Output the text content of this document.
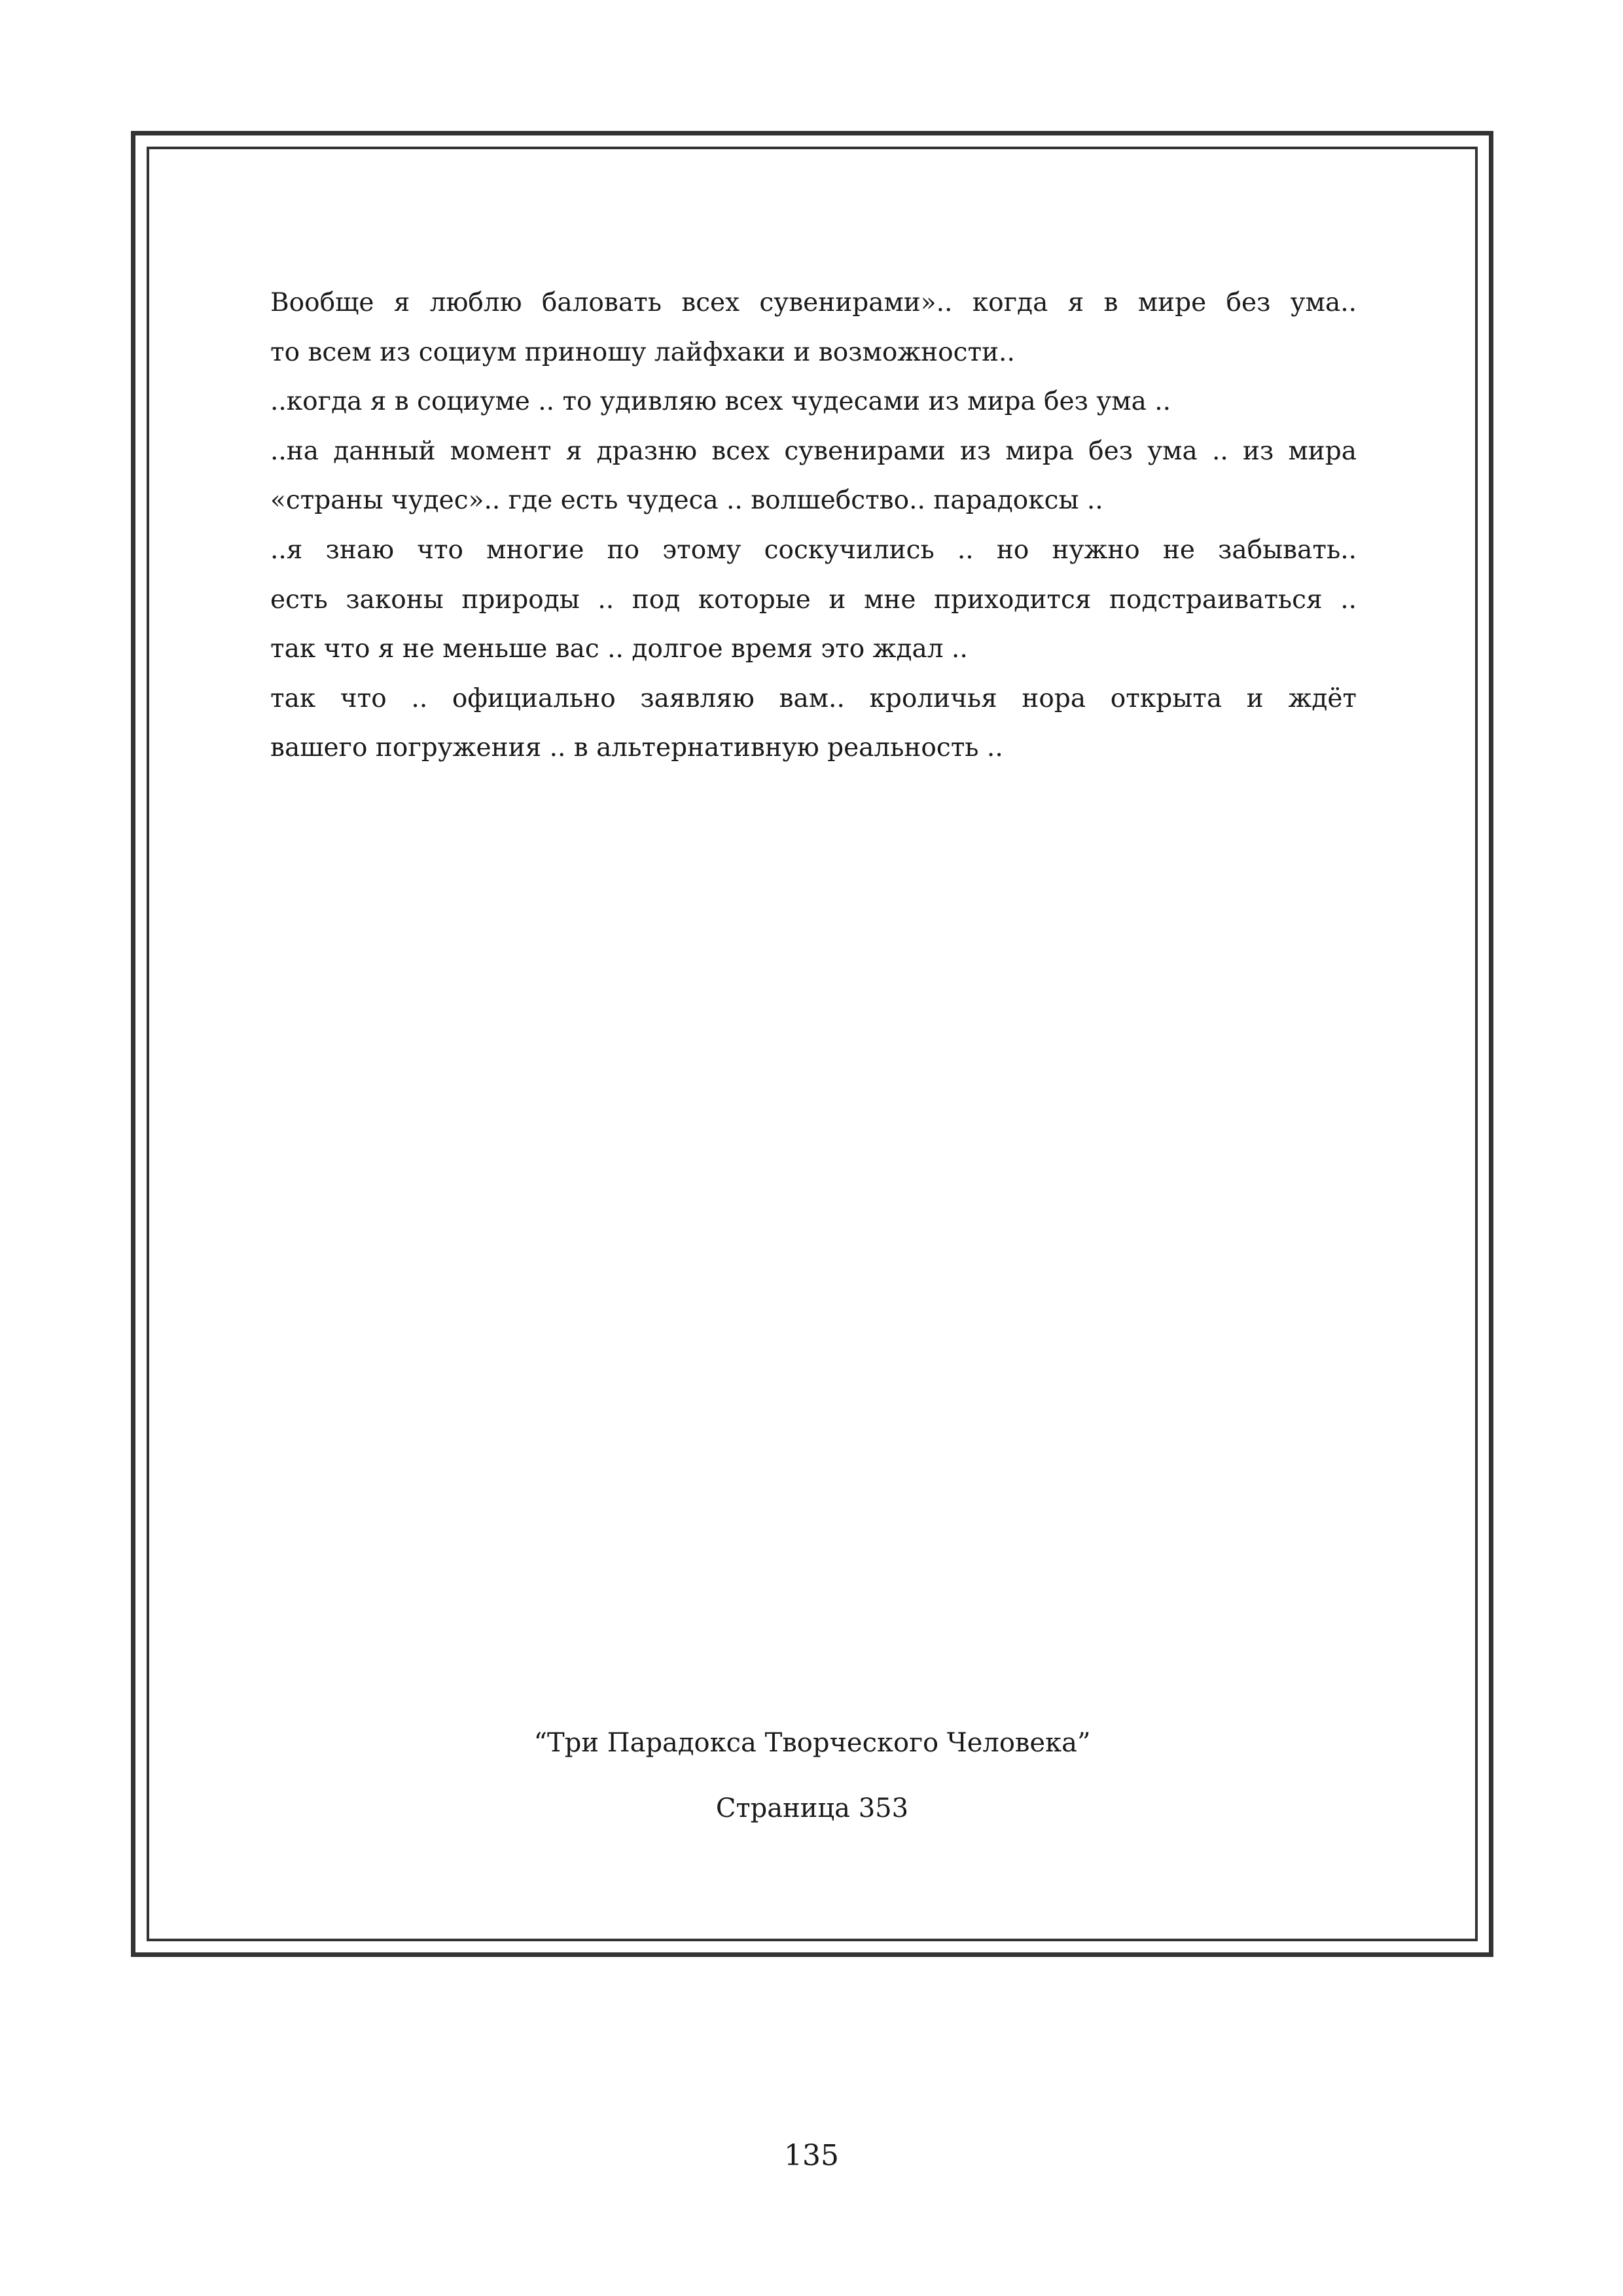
Вообще я люблю баловать всех сувенирами».. когда я в мире без ума..
то всем из социум приношу лайфхаки и возможности..
..когда я в социуме .. то удивляю всех чудесами из мира без ума ..
..на данный момент я дразню всех сувенирами из мира без ума .. из мира
«страны чудес».. где есть чудеса .. волшебство.. парадоксы ..
..я знаю что многие по этому соскучились .. но нужно не забывать..
есть законы природы .. под которые и мне приходится подстраиваться ..
так что я не меньше вас .. долгое время это ждал ..
так что .. официально заявляю вам.. кроличья нора открыта и ждёт
вашего погружения .. в альтернативную реальность ..
“Три Парадокса Творческого Человека”
Страница 353
135
